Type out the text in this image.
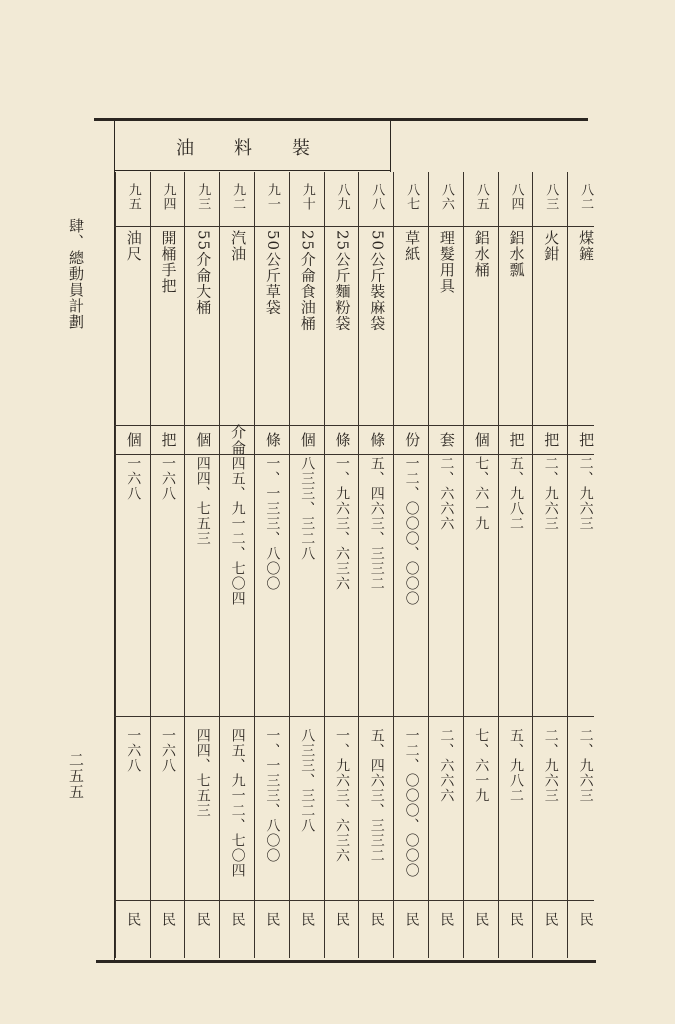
肆、總動員計劃
二五五
油料裝
八二
煤鏟
把
二、九六三
二、九六三
民
八三
火鉗
把
二、九六三
二、九六三
民
八四
鋁水瓢
把
五、九八二
五、九八二
民
八五
鋁水桶
個
七、六一九
七、六一九
民
八六
理髮用具
套
二、六六六
二、六六六
民
八七
草紙
份
一二、〇〇〇、〇〇〇
一二、〇〇〇、〇〇〇
民
八八
50公斤裝麻袋
條
五、四六三、三三二
五、四六三、三三二
民
八九
25公斤麵粉袋
條
一、九六三、六三六
一、九六三、六三六
民
九十
25介侖食油桶
個
八三三、三二八
八三三、三二八
民
九一
50公斤草袋
條
一、一三三、八〇〇
一、一三三、八〇〇
民
九二
汽油
介侖
四五、九一二、七〇四
四五、九一二、七〇四
民
九三
55介侖大桶
個
四四、七五三
四四、七五三
民
九四
開桶手把
把
一六八
一六八
民
九五
油尺
個
一六八
一六八
民
